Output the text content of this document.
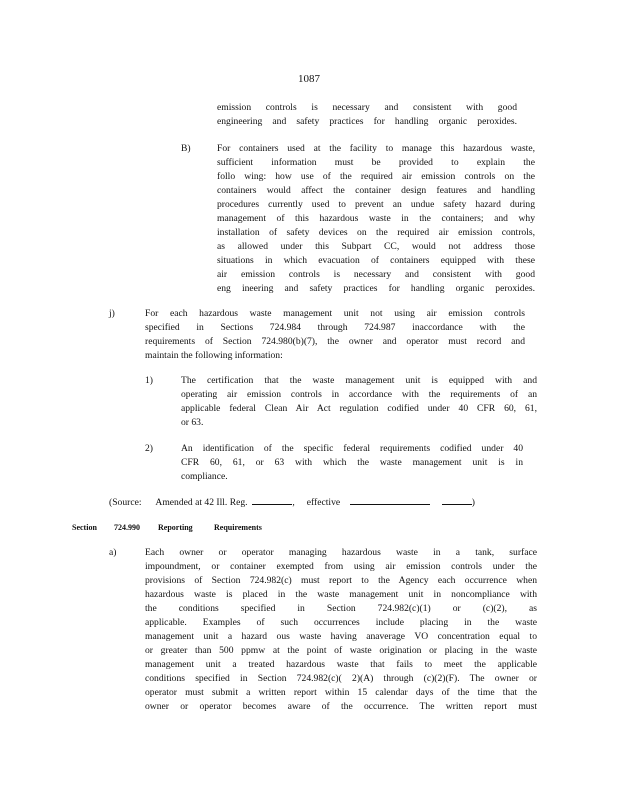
1087
emission controls is necessary and consistent with good
engineering and safety practices for handling organic peroxides.
B)	For containers used at the facility to manage this hazardous waste,
sufficient information must be provided to explain the
follo wing: how use of the required air emission controls on the
containers would affect the container design features and handling
procedures currently used to prevent an undue safety hazard during
management of this hazardous waste in the containers; and why
installation of safety devices on the required air emission controls,
as allowed under this Subpart CC, would not address those
situations in which evacuation of containers equipped with these
air emission controls is necessary and consistent with good
eng ineering and safety practices for handling organic peroxides.
j)	For each hazardous waste management unit not using air emission controls
specified in Sections 724.984 through 724.987 inaccordance with the
requirements of Section 724.980(b)(7), the owner and operator must record and
maintain the following information:
1)	The certification that the waste management unit is equipped with and
operating air emission controls in accordance with the requirements of an
applicable federal Clean Air Act regulation codified under 40 CFR 60, 61,
or 63.
2)	An identification of the specific federal requirements codified under 40
CFR 60, 61, or 63 with which the waste management unit is in
compliance.
(Source: Amended at 42 Ill. Reg.	,     effective	)
Section 724.990 Reporting	Requirements
a)	Each owner or operator managing hazardous waste in a tank, surface
impoundment, or container exempted from using air emission controls under the
provisions of Section 724.982(c) must report to the Agency each occurrence when
hazardous waste is placed in the waste management unit in noncompliance with
the conditions specified in Section 724.982(c)(1) or (c)(2), as
applicable. Examples of such occurrences include placing in the waste
management unit a hazard ous waste having anaverage VO concentration equal to
or greater than 500 ppmw at the point of waste origination or placing in the waste
management unit a treated hazardous waste that fails to meet the applicable
conditions specified in Section 724.982(c)( 2)(A) through (c)(2)(F). The owner or
operator must submit a written report within 15 calendar days of the time that the
owner or operator becomes aware of the occurrence. The written report must
